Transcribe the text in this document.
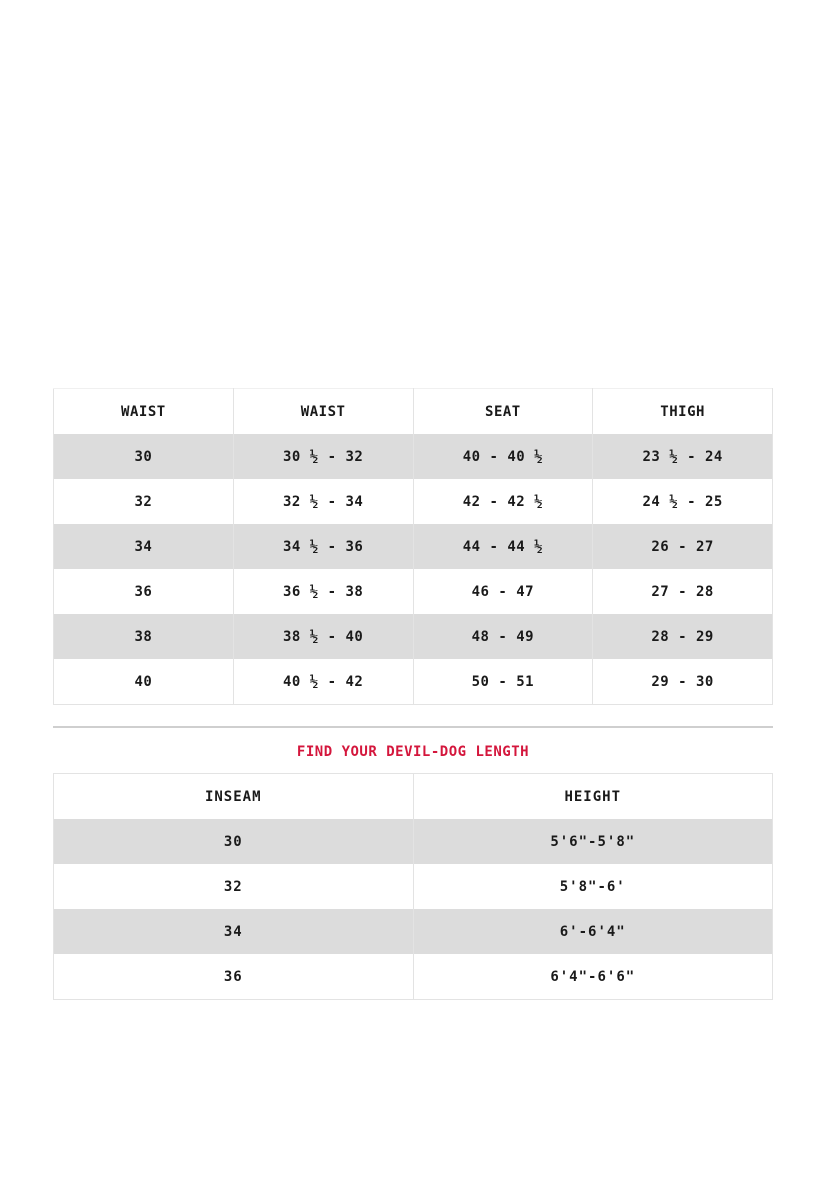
WAIST	WAIST	SEAT	THIGH
30	30 ½ - 32	40 - 40 ½	23 ½ - 24
32	32 ½ - 34	42 - 42 ½	24 ½ - 25
34	34 ½ - 36	44 - 44 ½	26 - 27
36	36 ½ - 38	46 - 47	27 - 28
38	38 ½ - 40	48 - 49	28 - 29
40	40 ½ - 42	50 - 51	29 - 30
FIND YOUR DEVIL-DOG LENGTH
INSEAM	HEIGHT
30	5'6"-5'8"
32	5'8"-6'
34	6'-6'4"
36	6'4"-6'6"
